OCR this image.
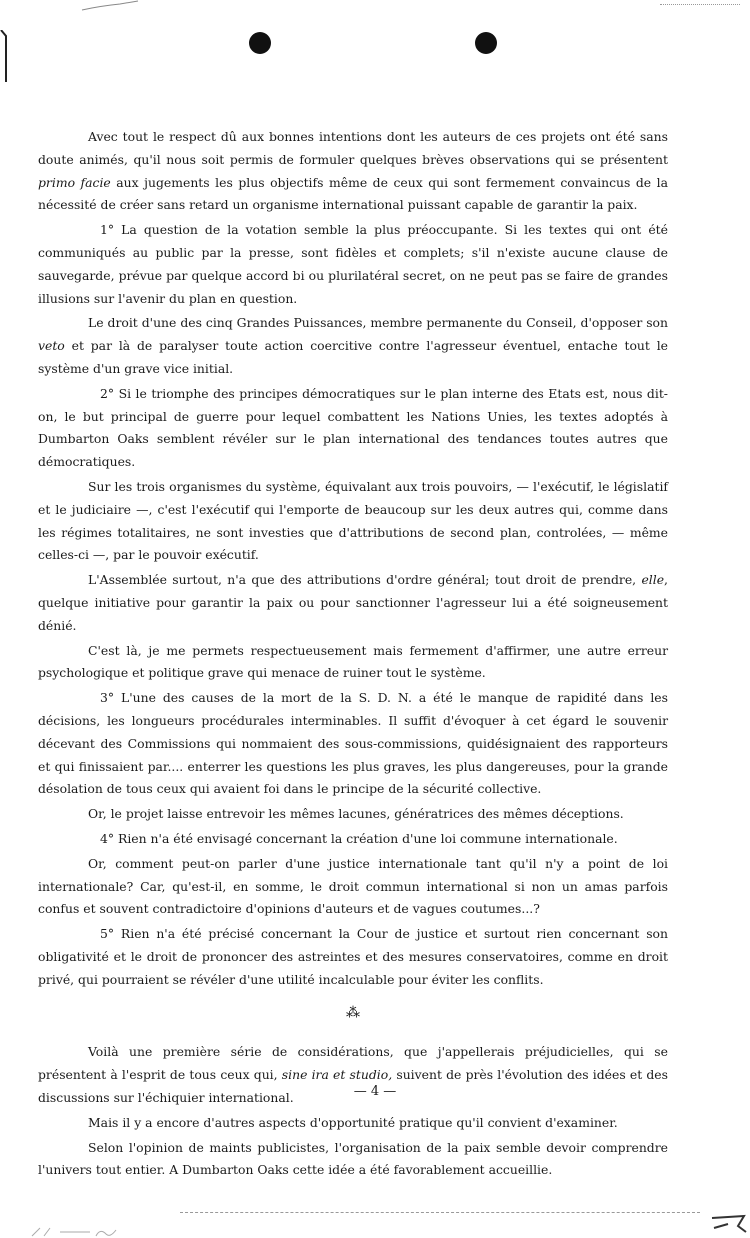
Avec tout le respect dû aux bonnes intentions dont les auteurs de ces projets ont été sans doute animés, qu'il nous soit permis de formuler quelques brèves observations qui se présentent primo facie aux jugements les plus objectifs même de ceux qui sont fermement convaincus de la nécessité de créer sans retard un organisme international puissant capable de garantir la paix.

1° La question de la votation semble la plus préoccupante. Si les textes qui ont été communiqués au public par la presse, sont fidèles et complets; s'il n'existe aucune clause de sauvegarde, prévue par quelque accord bi ou plurilatéral secret, on ne peut pas se faire de grandes illusions sur l'avenir du plan en question.

Le droit d'une des cinq Grandes Puissances, membre permanente du Conseil, d'opposer son veto et par là de paralyser toute action coercitive contre l'agresseur éventuel, entache tout le système d'un grave vice initial.

2° Si le triomphe des principes démocratiques sur le plan interne des Etats est, nous dit-on, le but principal de guerre pour lequel combattent les Nations Unies, les textes adoptés à Dumbarton Oaks semblent révéler sur le plan international des tendances toutes autres que démocratiques.

Sur les trois organismes du système, équivalant aux trois pouvoirs, — l'exécutif, le législatif et le judiciaire —, c'est l'exécutif qui l'emporte de beaucoup sur les deux autres qui, comme dans les régimes totalitaires, ne sont investies que d'attributions de second plan, controlées, — même celles-ci —, par le pouvoir exécutif.

L'Assemblée surtout, n'a que des attributions d'ordre général; tout droit de prendre, elle, quelque initiative pour garantir la paix ou pour sanctionner l'agresseur lui a été soigneusement dénié.

C'est là, je me permets respectueusement mais fermement d'affirmer, une autre erreur psychologique et politique grave qui menace de ruiner tout le système.

3° L'une des causes de la mort de la S. D. N. a été le manque de rapidité dans les décisions, les longueurs procédurales interminables. Il suffit d'évoquer à cet égard le souvenir décevant des Commissions qui nommaient des sous-commissions, quidésignaient des rapporteurs et qui finissaient par.... enterrer les questions les plus graves, les plus dangereuses, pour la grande désolation de tous ceux qui avaient foi dans le principe de la sécurité collective.

Or, le projet laisse entrevoir les mêmes lacunes, génératrices des mêmes déceptions.

4° Rien n'a été envisagé concernant la création d'une loi commune internationale.

Or, comment peut-on parler d'une justice internationale tant qu'il n'y a point de loi internationale? Car, qu'est-il, en somme, le droit commun international si non un amas parfois confus et souvent contradictoire d'opinions d'auteurs et de vagues coutumes...?

5° Rien n'a été précisé concernant la Cour de justice et surtout rien concernant son obligativité et le droit de prononcer des astreintes et des mesures conservatoires, comme en droit privé, qui pourraient se révéler d'une utilité incalculable pour éviter les conflits.

⁂

Voilà une première série de considérations, que j'appellerais préjudicielles, qui se présentent à l'esprit de tous ceux qui, sine ira et studio, suivent de près l'évolution des idées et des discussions sur l'échiquier international.

Mais il y a encore d'autres aspects d'opportunité pratique qu'il convient d'examiner.

Selon l'opinion de maints publicistes, l'organisation de la paix semble devoir comprendre l'univers tout entier. A Dumbarton Oaks cette idée a été favorablement accueillie.

— 4 —
